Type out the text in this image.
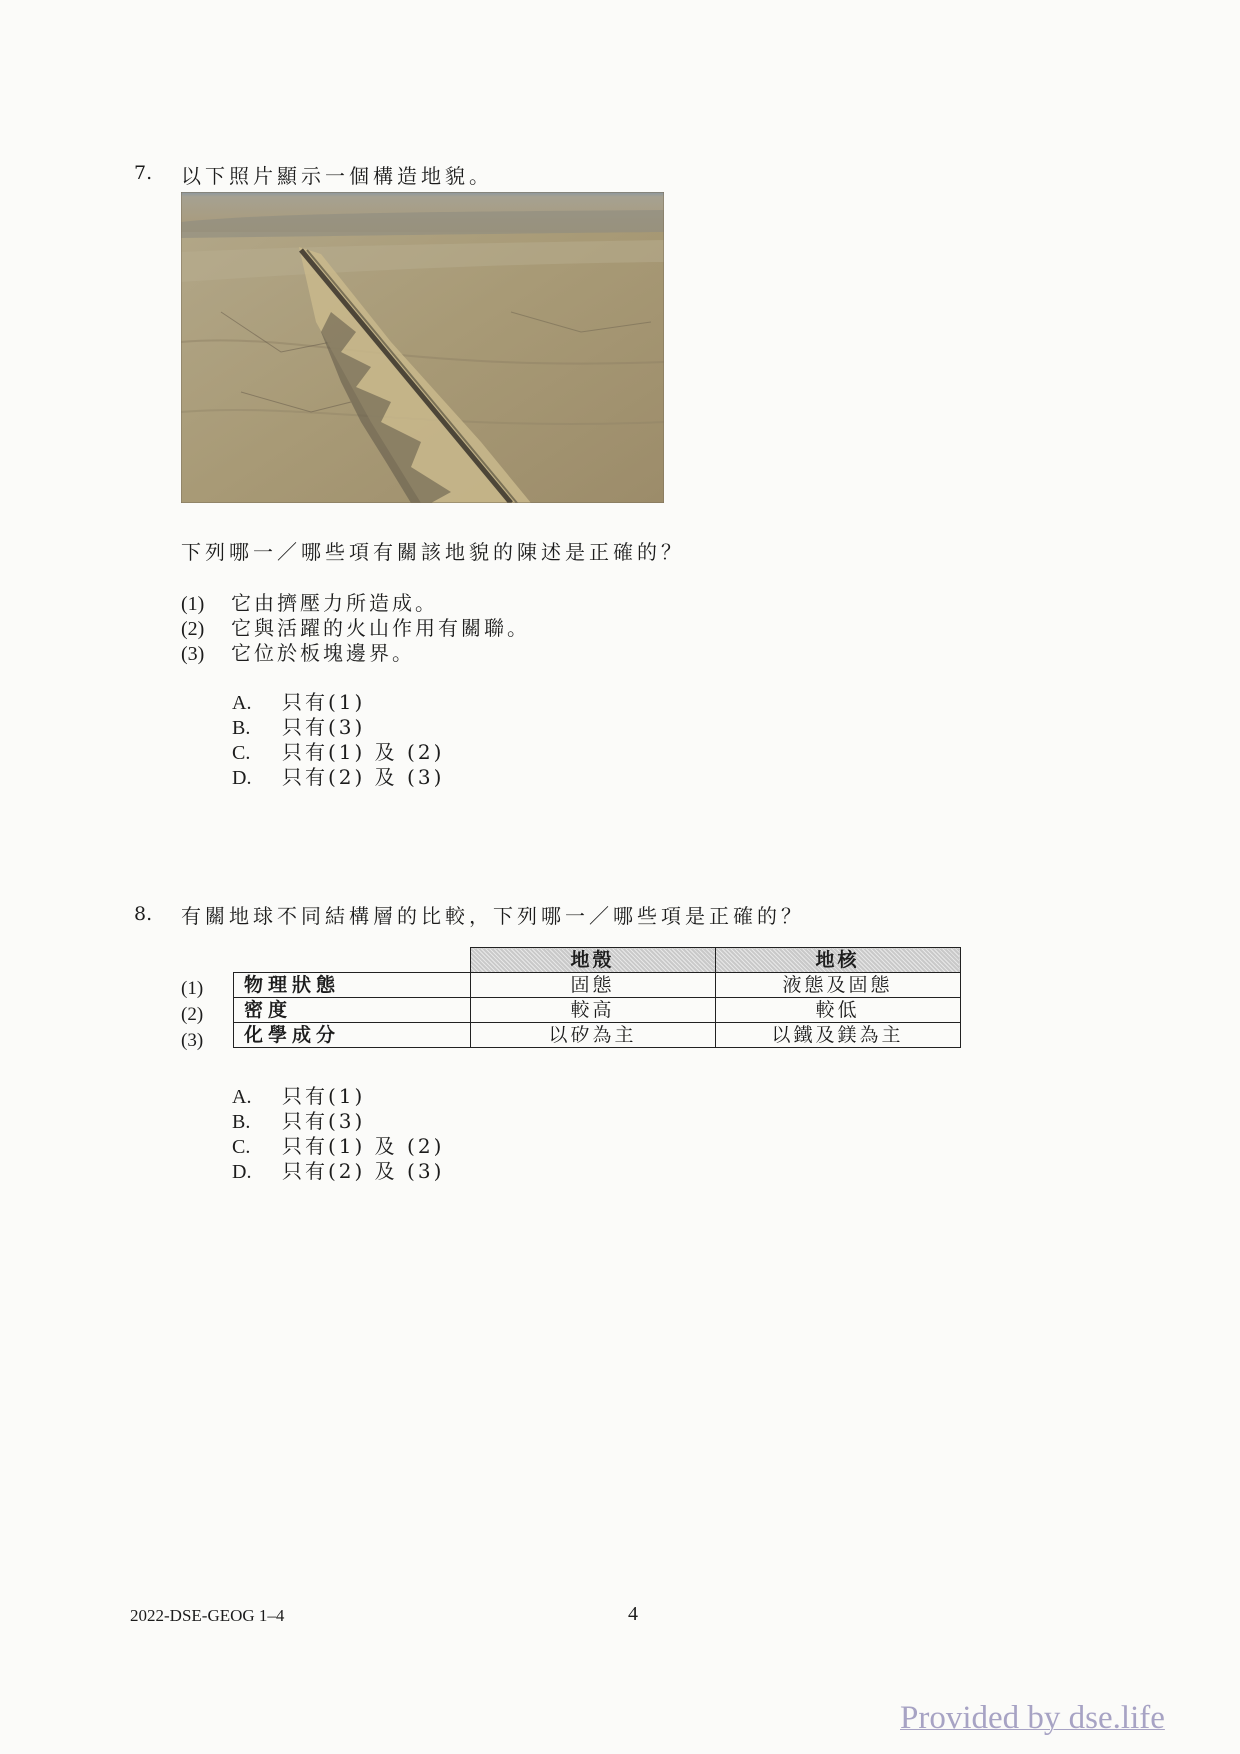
7. 以下照片顯示一個構造地貌。
下列哪一／哪些項有關該地貌的陳述是正確的？
(1) 它由擠壓力所造成。
(2) 它與活躍的火山作用有關聯。
(3) 它位於板塊邊界。
A. 只有(1)
B. 只有(3)
C. 只有(1) 及 (2)
D. 只有(2) 及 (3)
8. 有關地球不同結構層的比較，下列哪一／哪些項是正確的？
(1)
(2)
(3)
	地殼	地核
物理狀態	固態	液態及固態
密度	較高	較低
化學成分	以矽為主	以鐵及鎂為主
A. 只有(1)
B. 只有(3)
C. 只有(1) 及 (2)
D. 只有(2) 及 (3)
2022-DSE-GEOG 1–4	4
Provided by dse.life
